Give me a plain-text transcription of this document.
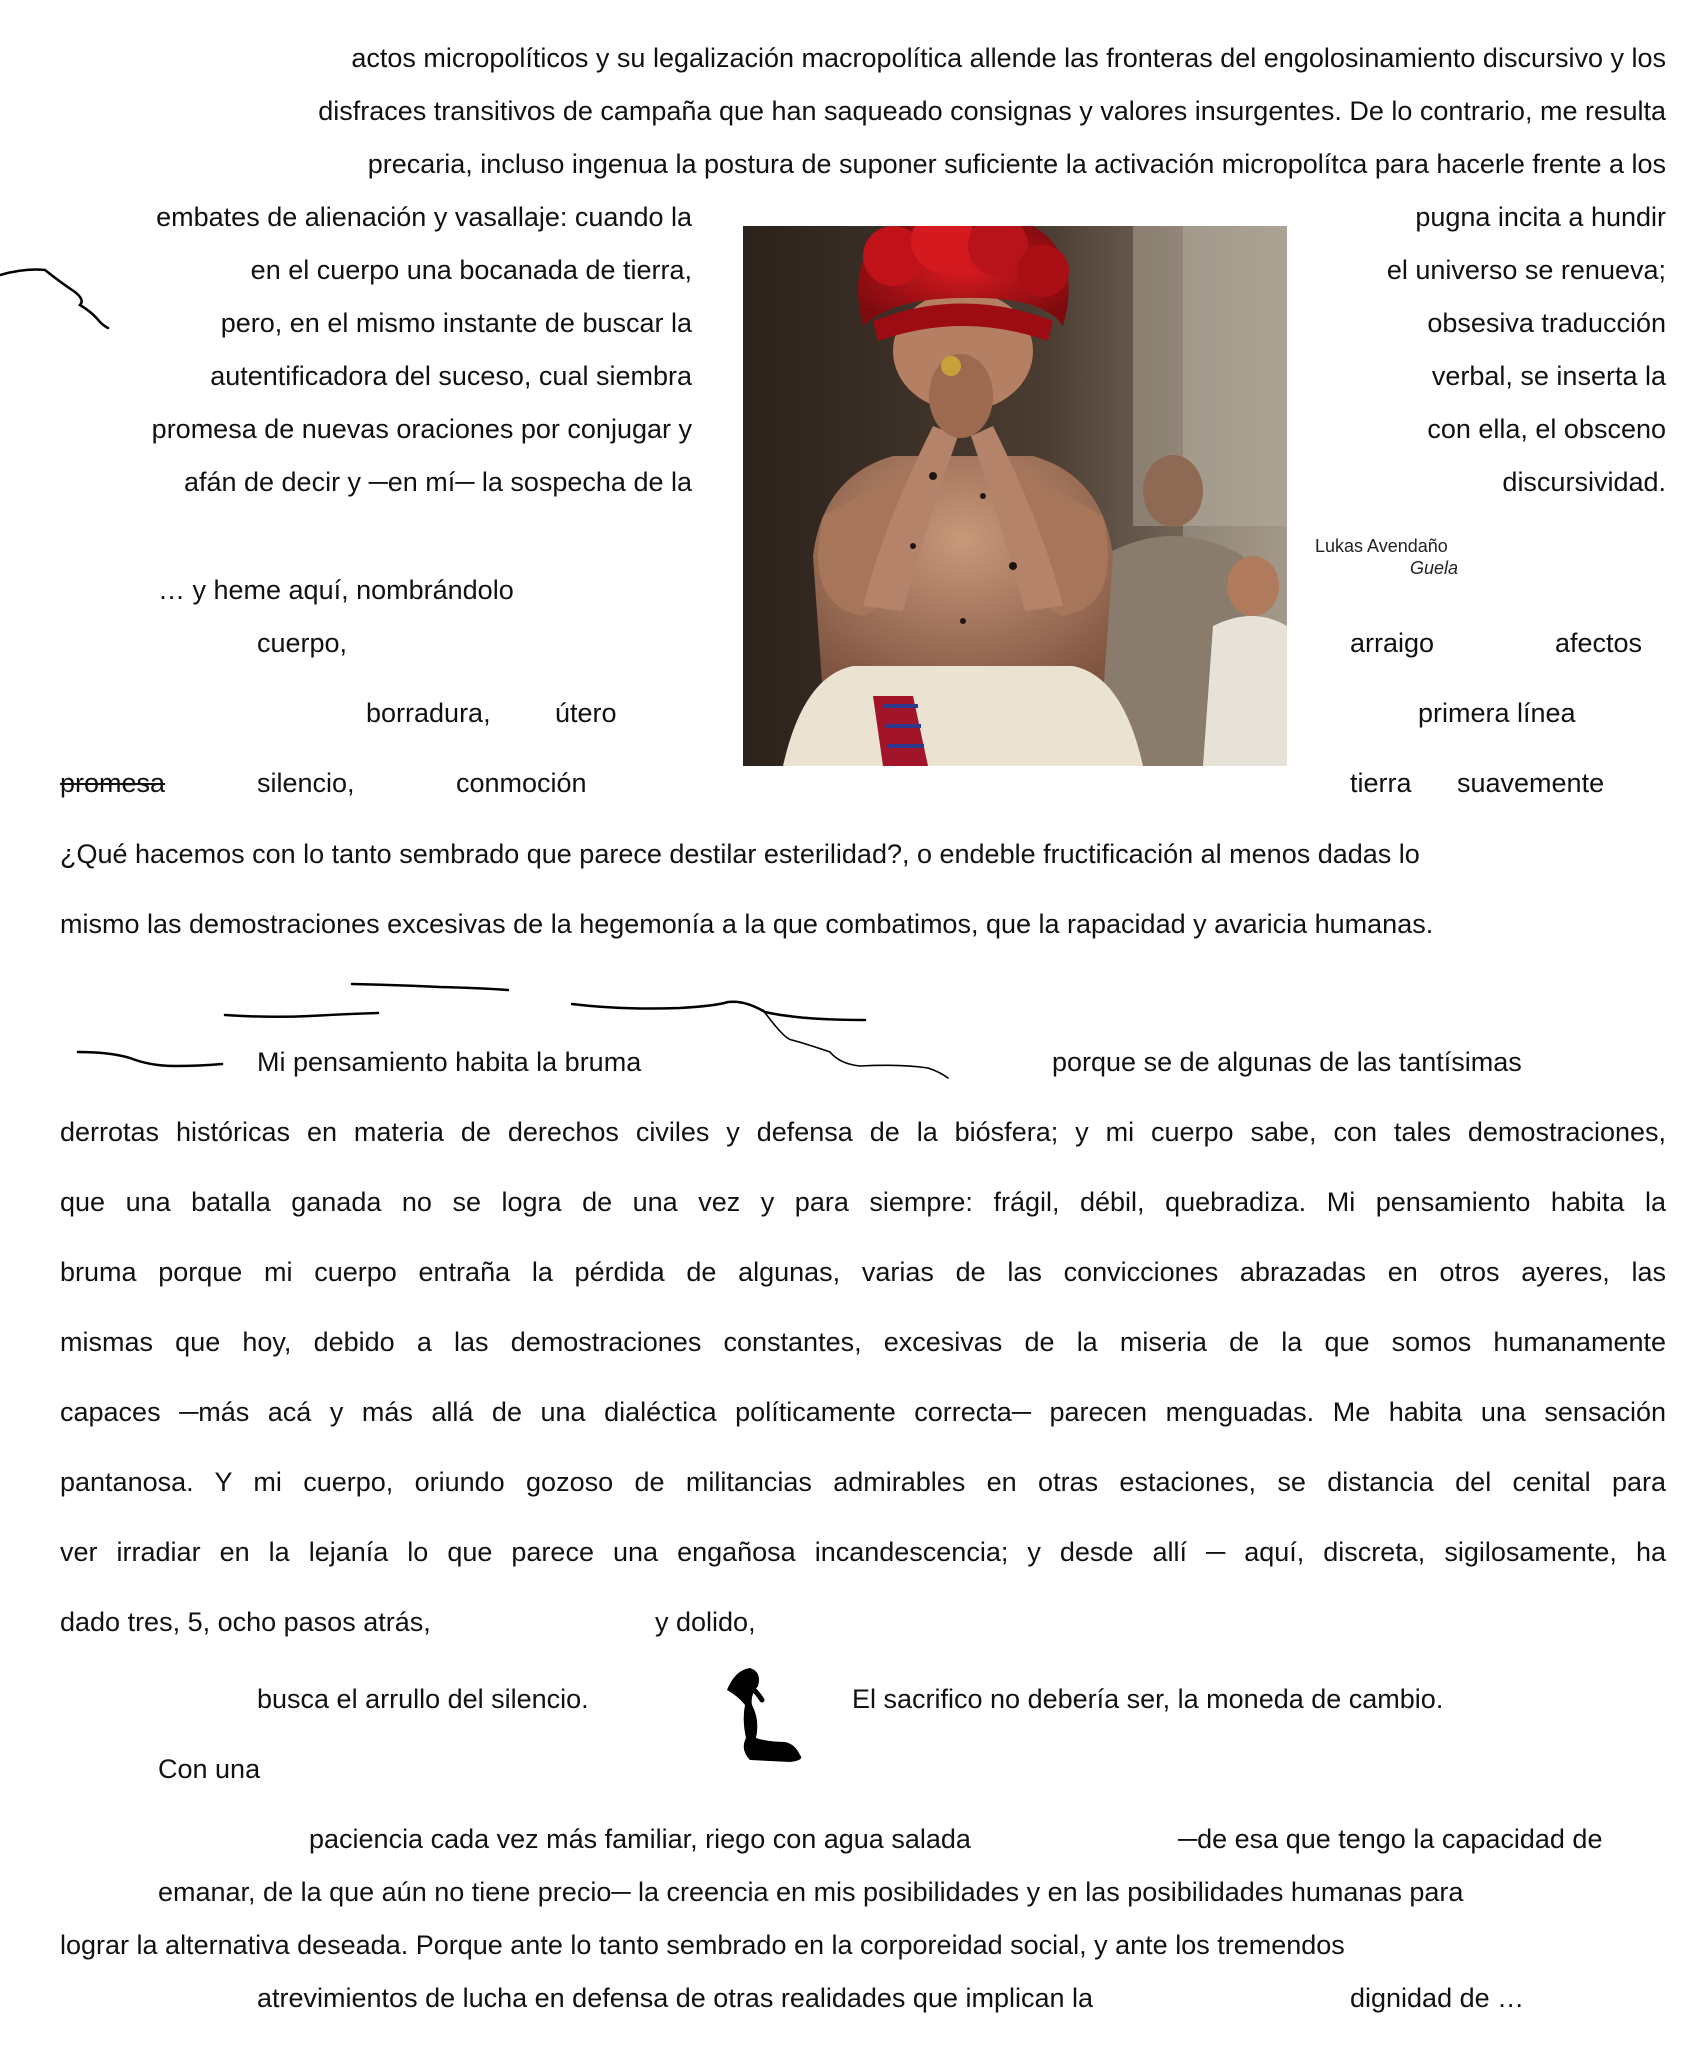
actos micropolíticos y su legalización macropolítica allende las fronteras del engolosinamiento discursivo y los
disfraces transitivos de campaña que han saqueado consignas y valores insurgentes. De lo contrario, me resulta
precaria, incluso ingenua la postura de suponer suficiente la activación micropolítca para hacerle frente a los
embates de alienación y vasallaje: cuando la
en el cuerpo una bocanada de tierra,
pero, en el mismo instante de buscar la
autentificadora del suceso, cual siembra
promesa de nuevas oraciones por conjugar y
afán de decir y ─en mí─ la sospecha de la
pugna incita a hundir
el universo se renueva;
obsesiva traducción
verbal, se inserta la
con ella, el obsceno
discursividad.
Lukas Avendaño
Guela
… y heme aquí, nombrándolo
cuerpo,	arraigo	afectos
borradura, útero	primera línea
promesa	silencio,	conmoción	tierra suavemente
¿Qué hacemos con lo tanto sembrado que parece destilar esterilidad?, o endeble fructificación al menos dadas lo
mismo las demostraciones excesivas de la hegemonía a la que combatimos, que la rapacidad y avaricia humanas.
Mi pensamiento habita la bruma	porque se de algunas de las tantísimas
derrotas históricas en materia de derechos civiles y defensa de la biósfera; y mi cuerpo sabe, con tales demostraciones,
que una batalla ganada no se logra de una vez y para siempre: frágil, débil, quebradiza. Mi pensamiento habita la
bruma porque mi cuerpo entraña la pérdida de algunas, varias de las convicciones abrazadas en otros ayeres, las
mismas que hoy, debido a las demostraciones constantes, excesivas de la miseria de la que somos humanamente
capaces ─más acá y más allá de una dialéctica políticamente correcta─ parecen menguadas. Me habita una sensación
pantanosa. Y mi cuerpo, oriundo gozoso de militancias admirables en otras estaciones, se distancia del cenital para
ver irradiar en la lejanía lo que parece una engañosa incandescencia; y desde allí ─ aquí, discreta, sigilosamente, ha
dado tres, 5, ocho pasos atrás,	y dolido,
busca el arrullo del silencio.	El sacrifico no debería ser, la moneda de cambio.
Con una
paciencia cada vez más familiar, riego con agua salada	─de esa que tengo la capacidad de
emanar, de la que aún no tiene precio─ la creencia en mis posibilidades y en las posibilidades humanas para
lograr la alternativa deseada. Porque ante lo tanto sembrado en la corporeidad social, y ante los tremendos
atrevimientos de lucha en defensa de otras realidades que implican la	dignidad de …
